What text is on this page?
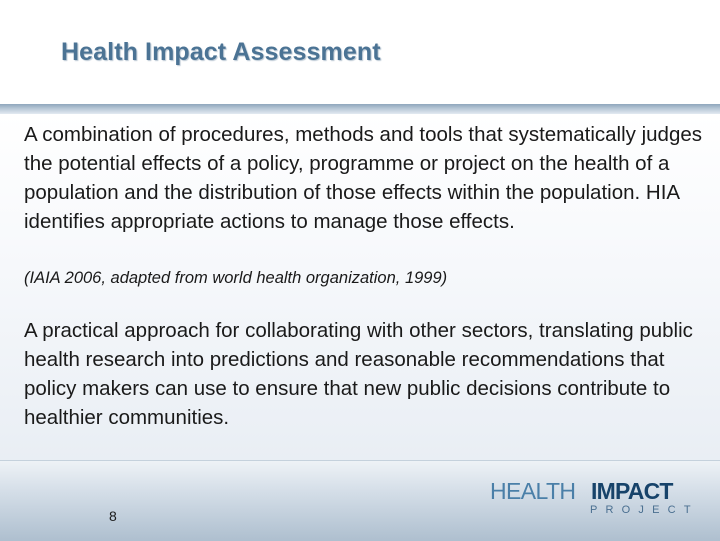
Health Impact Assessment

A combination of procedures, methods and tools that systematically judges the potential effects of a policy, programme or project on the health of a population and the distribution of those effects within the population. HIA identifies appropriate actions to manage those effects.

(IAIA 2006, adapted from world health organization, 1999)

A practical approach for collaborating with other sectors, translating public health research into predictions and reasonable recommendations that policy makers can use to ensure that new public decisions contribute to healthier communities.

8
HEALTH IMPACT
PROJECT
